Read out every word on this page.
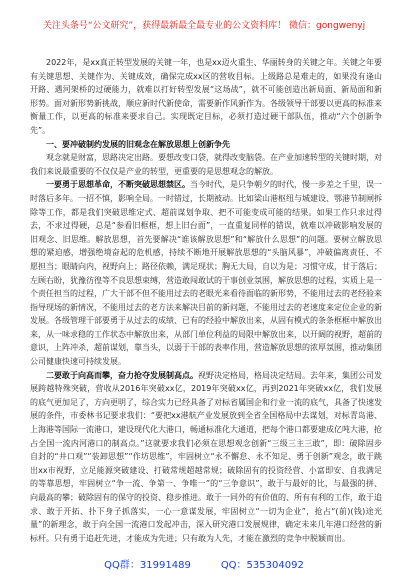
关注头条号“公文研究”，获得最新最全最专业的公文资料库！ 微信：gongwenyj

2022年，是xx真正转型发展的关键一年，也是xx迈火重生、华丽转身的关键之年。关键之年要有关键思想、关键作为、关键成效，确保完成xx区的营收目标。上级路总是难走的，如果没有逢山开路、遇河架桥的过硬能力，就难以打好转型发展“这场战”，就不可能创造出新局面、新局面和新形势。面对新形势新挑战，顺应新时代新使命，需要新作风新作为。各级领导干部要以更高的标准来衡量工作，以更高的标准来要求自己。实现既定目标，必须打造过硬干部队伍，推动“六个创新争先”。

一、要冲破制约发展的旧观念在解放思想上创新争先

观念就是财富，思路决定出路。要想改变口袋，就得改变脑袋。在产业加速转型的关键时期，对我们来说最重要的不仅仅是产业的转型，更重要的是思想观念的解放。

一要勇于思想革命，不断突破思想禁区。当今时代，是只争朝夕的时代，慢一步差之千里，误一时落后多年。一招不慎，影响全局。一时错过，长期被动。比如梁山港枢纽与城建设、鄂港节制闸拆除等工作，都是我们突破思维定式、超前谋划争取、把不可能变成可能的结果。如果工作只求过得去，不求过得硬，总是“参看旧框框，想上旧台面”，一直重复同样的错误，就难以冲破影响发展的旧观念、旧思维。解放思想，首先要解决“谁该解放思想”和“解放什么思想”的问题。要树立解放思想的紧迫感，增强绝境奋起的危机感，持续不断地开展解放思想的“头脑风暴”，冲破偏离责任、不愿担当；眼睛向内，视野向上；路径依赖，满足现状；胸无大局，自以为是；习惯守成，甘于落后；左顾右盼，犹豫彷徨等不良思想束缚，营造敢闯敢试的干事创业氛围，解放思想的过程，实质上是一个责任担当的过程，广大干部不但不能用过去的老眼光来看待面临的新形势，不能用过去的老经验来指导现场的新情况，不能用过去的老方法来解决目前的新问题，不能用过去的老速度来定位企业的新发展。各级管理干部要勇于从过去的成绩、已有的经验中解放出来，从固有模式的条条框框中解放出来，从一味求稳的工作状态中解放出来，从部门单位利益的局限中解放出来，以开阔的视野，超前的意识，上阵冲杀，超前谋划，靠当头，以弱于干部的表率作用，营造解放思想的浓厚氛围，推动集团公司健康快速可持续发展。

二要敢于向高而攀，奋力抢夺发展制高点。视野决定格局，格局决定结局。去年来，集团公司发展跨越特殊突破，营收从2016年突破xx亿，2019年突破xx亿，再到2021年突破xx亿，我们发展的底气更加足了，方向更明了，综合实力已经具备了对标省属国企和行业一流的底气，具备了快速发展的条件，市委林书记要求我们：“要把xx港航产业发展放到全省全国格局中去谋划，对标青岛港、上海港等国际一流港口，建设现代化大港口，畅通标准化大通道，把每个港口都要建成亿吨大港，抢占全国一流内河港口的制高点。”这就要求我们必须在思想观念创新“三级三主三敢”，即：破除固步自封的“井口观”“装卸思想”“作坊思维”，牢固树立“永不懈怠、永不知足、勇于创新”观念，敢于跳出xx市视野，立足能源突破建设、打破常规超越常规；破除固有的投资经营、小富即安、自我满足的等靠思想，牢固树立“争一流、争第一、争唯一”的“三争意识”，敢于与最好的比，与最强的拼、向最高的攀；破除固有的保守的投资、稳步推进。敢于一同外的有价值的、所有有利的工作，敢于追求、敢于开拓、扑下身子抓落实，一心一意谋发展，牢固树立“一切为企业”，抢占“(前)(钱)途光量”的新理念，敢于向全国一流港口发起冲击，深入研究港口发展规律，确定未来几年港口经营的新标杆。只有勇于追赶先进，才能成为先进；只有敢为人先，才能在激烈的竞争中脱颖而出。

QQ群：31991489	QQ：535304092
